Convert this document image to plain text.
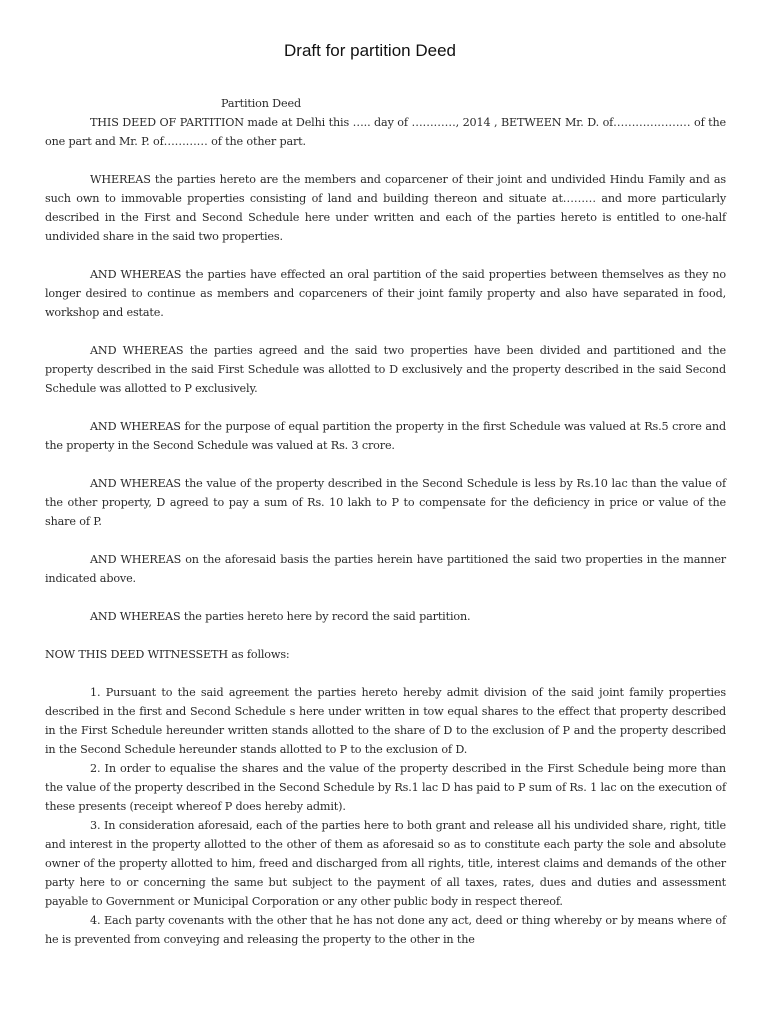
Draft for partition Deed
Partition Deed

THIS DEED OF PARTITION made at Delhi this ….. day of …………, 2014 , BETWEEN Mr. D. of………………… of the one part and Mr. P. of………… of the other part.

WHEREAS the parties hereto are the members and coparcener of their joint and undivided Hindu Family and as such own to immovable properties consisting of land and building thereon and situate at……… and more particularly described in the First and Second Schedule here under written and each of the parties hereto is entitled to one-half undivided share in the said two properties.

AND WHEREAS the parties have effected an oral partition of the said properties between themselves as they no longer desired to continue as members and coparceners of their joint family property and also have separated in food, workshop and estate.

AND WHEREAS the parties agreed and the said two properties have been divided and partitioned and the property described in the said First Schedule was allotted to D exclusively and the property described in the said Second Schedule was allotted to P exclusively.

AND WHEREAS for the purpose of equal partition the property in the first Schedule was valued at Rs.5 crore and the property in the Second Schedule was valued at Rs. 3 crore.

AND WHEREAS the value of the property described in the Second Schedule is less by Rs.10 lac than the value of the other property, D agreed to pay a sum of Rs. 10 lakh to P to compensate for the deficiency in price or value of the share of P.

AND WHEREAS on the aforesaid basis the parties herein have partitioned the said two properties in the manner indicated above.

AND WHEREAS the parties hereto here by record the said partition.

NOW THIS DEED WITNESSETH as follows:

1. Pursuant to the said agreement the parties hereto hereby admit division of the said joint family properties described in the first and Second Schedule s here under written in tow equal shares to the effect that property described in the First Schedule hereunder written stands allotted to the share of D to the exclusion of P and the property described in the Second Schedule hereunder stands allotted to P to the exclusion of D.

2. In order to equalise the shares and the value of the property described in the First Schedule being more than the value of the property described in the Second Schedule by Rs.1 lac D has paid to P sum of Rs. 1 lac on the execution of these presents (receipt whereof P does hereby admit).

3. In consideration aforesaid, each of the parties here to both grant and release all his undivided share, right, title and interest in the property allotted to the other of them as aforesaid so as to constitute each party the sole and absolute owner of the property allotted to him, freed and discharged from all rights, title, interest claims and demands of the other party here to or concerning the same but subject to the payment of all taxes, rates, dues and duties and assessment payable to Government or Municipal Corporation or any other public body in respect thereof.

4. Each party covenants with the other that he has not done any act, deed or thing whereby or by means where of he is prevented from conveying and releasing the property to the other in the
